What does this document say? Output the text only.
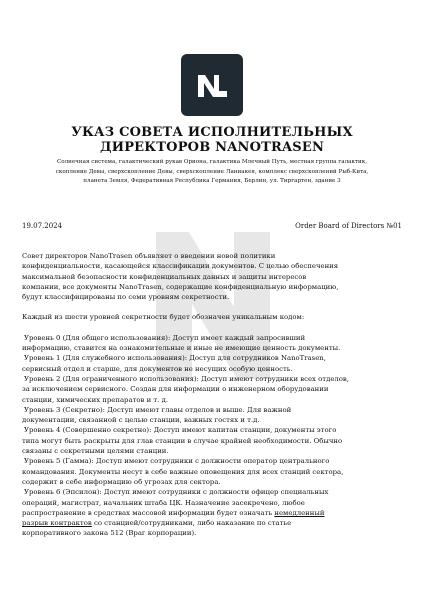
УКАЗ СОВЕТА ИСПОЛНИТЕЛЬНЫХ
ДИРЕКТОРОВ NANOTRASEN
Солнечная система, галактический рукав Ориона, галактика Млечный Путь, местная группа галактик,
скопление Девы, сверхскопление Девы, сверхскопление Ланиакея, комплекс сверхскоплений Рыб-Кита,
планета Земля, Федеративная Республика Германия, Берлин, ул. Тиргартен, здание 3
19.07.2024	Order Board of Directors №01

Совет директоров NanoTrasen объявляет о введении новой политики

конфиденциальности, касающейся классификации документов. С целью обеспечения

максимальной безопасности конфиденциальных данных и защиты интересов

компании, все документы NanoTrasen, содержащие конфиденциальную информацию,

будут классифицированы по семи уровням секретности.

Каждый из шести уровней секретности будет обозначен уникальным кодом:

Уровень 0 (Для общего использования): Доступ имеет каждый запросивший

информацию, ставится на ознакомительные и иные не имеющие ценность документы.

Уровень 1 (Для служебного использования): Доступ для сотрудников NanoTrasen,

сервисный отдел и старше, для документов не несущих особую ценность.

Уровень 2 (Для ограниченного использования): Доступ имеют сотрудники всех отделов,

за исключением сервисного. Создан для информации о инженерном оборудовании

станции, химических препаратов и т. д.

Уровень 3 (Секретно): Доступ имеют главы отделов и выше. Для важной

документации, связанной с целью станции, важных гостях и т.д.

Уровень 4 (Совершенно секретно): Доступ имеют капитан станции, документы этого

типа могут быть раскрыты для глав станции в случае крайней необходимости. Обычно

связаны с секретными целями станции.

Уровень 5 (Гамма): Доступ имеют сотрудники с должности оператор центрального

командования. Документы несут в себе важные оповещения для всех станций сектора,

содержит в себе информацию об угрозах для сектора.

Уровень 6 (Эпсилон): Доступ имеют сотрудники с должности офицер специальных

операций, магистрат, начальник штаба ЦК. Назначение засекречено, любое

распространение в средствах массовой информации будет означать немедленный

разрыв контрактов со станцией/сотрудниками, либо наказание по статье

корпоративного закона 512 (Враг корпорации).
